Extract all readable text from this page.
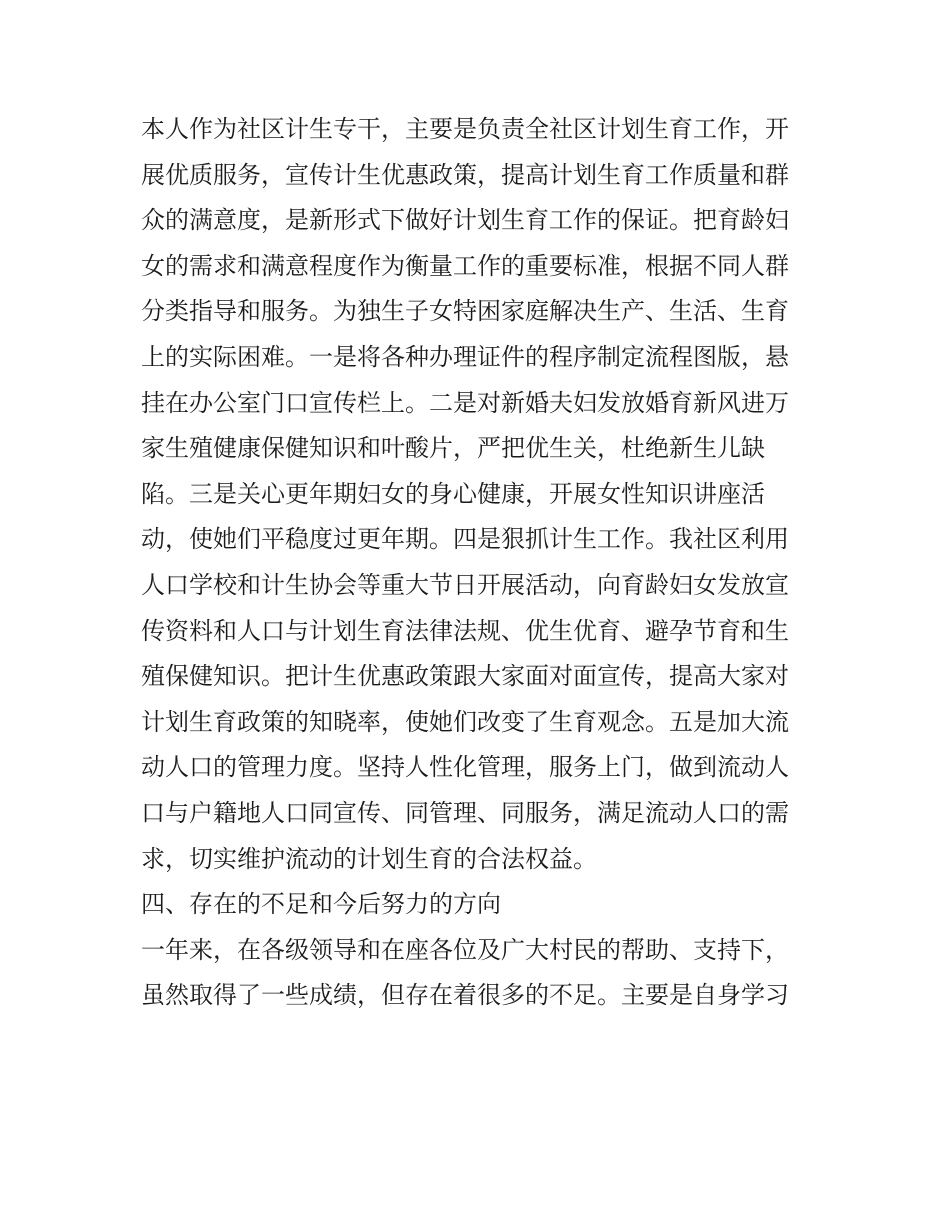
本人作为社区计生专干，主要是负责全社区计划生育工作，开

展优质服务，宣传计生优惠政策，提高计划生育工作质量和群

众的满意度，是新形式下做好计划生育工作的保证。把育龄妇

女的需求和满意程度作为衡量工作的重要标准，根据不同人群

分类指导和服务。为独生子女特困家庭解决生产、生活、生育

上的实际困难。一是将各种办理证件的程序制定流程图版，悬

挂在办公室门口宣传栏上。二是对新婚夫妇发放婚育新风进万

家生殖健康保健知识和叶酸片，严把优生关，杜绝新生儿缺

陷。三是关心更年期妇女的身心健康，开展女性知识讲座活

动，使她们平稳度过更年期。四是狠抓计生工作。我社区利用

人口学校和计生协会等重大节日开展活动，向育龄妇女发放宣

传资料和人口与计划生育法律法规、优生优育、避孕节育和生

殖保健知识。把计生优惠政策跟大家面对面宣传，提高大家对

计划生育政策的知晓率，使她们改变了生育观念。五是加大流

动人口的管理力度。坚持人性化管理，服务上门，做到流动人

口与户籍地人口同宣传、同管理、同服务，满足流动人口的需

求，切实维护流动的计划生育的合法权益。

四、存在的不足和今后努力的方向

一年来，在各级领导和在座各位及广大村民的帮助、支持下，

虽然取得了一些成绩，但存在着很多的不足。主要是自身学习
